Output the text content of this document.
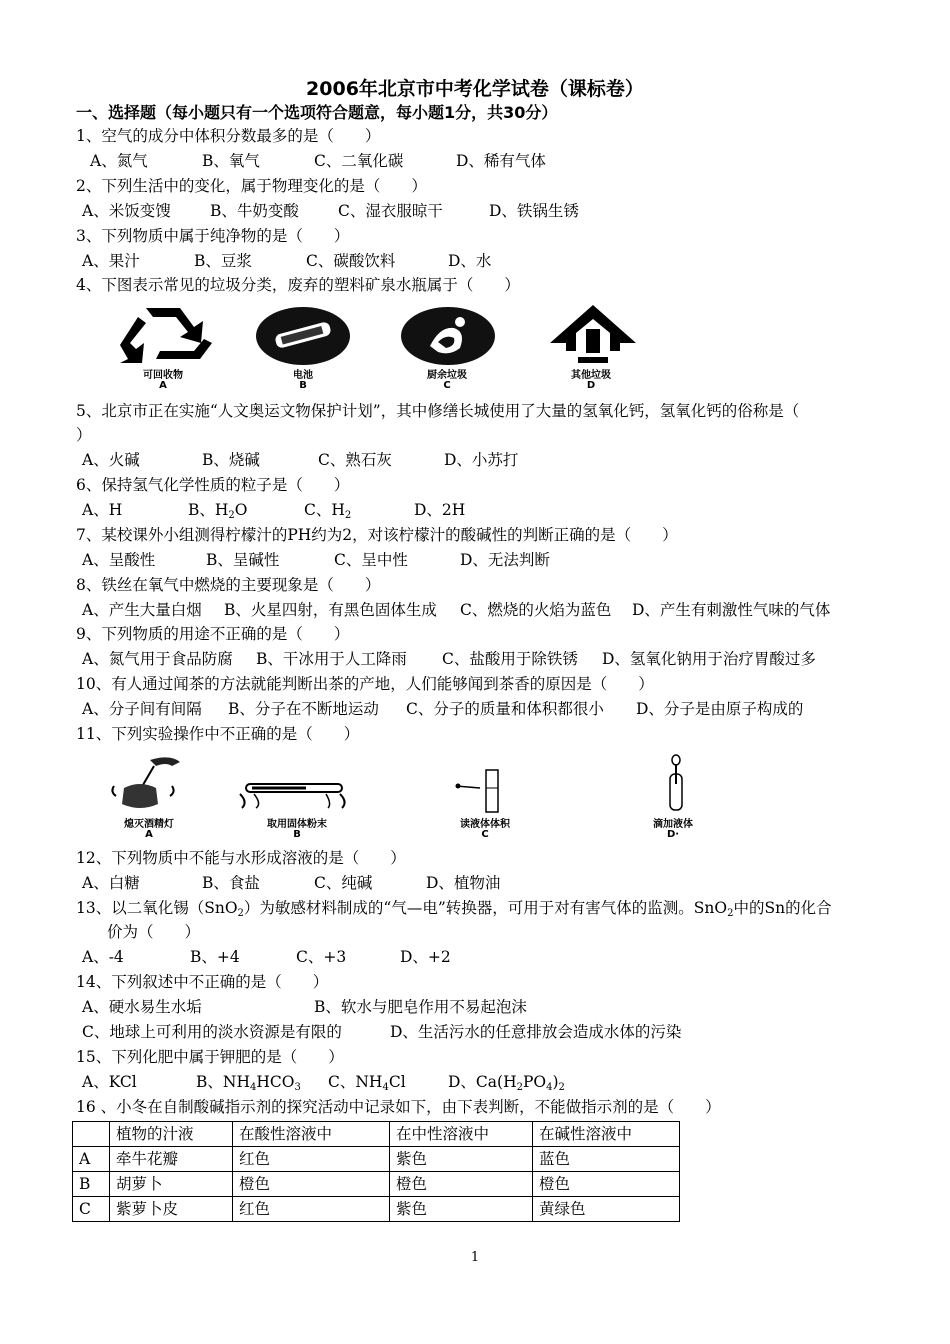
2006年北京市中考化学试卷（课标卷）
一、选择题（每小题只有一个选项符合题意，每小题1分，共30分）
1、空气的成分中体积分数最多的是（　　）
A、氮气	B、氧气	C、二氧化碳	D、稀有气体
2、下列生活中的变化，属于物理变化的是（　　）
A、米饭变馊	B、牛奶变酸	C、湿衣服晾干	D、铁锅生锈
3、下列物质中属于纯净物的是（　　）
A、果汁	B、豆浆	C、碳酸饮料	D、水
4、下图表示常见的垃圾分类，废弃的塑料矿泉水瓶属于（　　）
可回收物
A
电池
B
厨余垃圾
C
其他垃圾
D
5、北京市正在实施“人文奥运文物保护计划”，其中修缮长城使用了大量的氢氧化钙，氢氧化钙的俗称是（
）
A、火碱	B、烧碱	C、熟石灰	D、小苏打
6、保持氢气化学性质的粒子是（　　）
A、H	B、$H_2O$	C、$H_2$	D、2H
7、某校课外小组测得柠檬汁的PH约为2，对该柠檬汁的酸碱性的判断正确的是（　　）
A、呈酸性	B、呈碱性	C、呈中性	D、无法判断
8、铁丝在氧气中燃烧的主要现象是（　　）
A、产生大量白烟 B、火星四射，有黑色固体生成 C、燃烧的火焰为蓝色 D、产生有刺激性气味的气体
9、下列物质的用途不正确的是（　　）
A、氮气用于食品防腐 B、干冰用于人工降雨 C、盐酸用于除铁锈 D、氢氧化钠用于治疗胃酸过多
10、有人通过闻茶的方法就能判断出茶的产地，人们能够闻到茶香的原因是（　　）
A、分子间有间隔 B、分子在不断地运动 C、分子的质量和体积都很小 D、分子是由原子构成的
11、下列实验操作中不正确的是（　　）
熄灭酒精灯
A
取用固体粉末
B
读液体体积
C
滴加液体
D·
12、下列物质中不能与水形成溶液的是（　　）
A、白糖	B、食盐	C、纯碱	D、植物油
13、以二氧化锡（SnO$_2$）为敏感材料制成的“气—电”转换器，可用于对有害气体的监测。SnO$_2$中的Sn的化合
价为（　　）
A、-4	B、+4	C、+3	D、+2
14、下列叙述中不正确的是（　　）
A、硬水易生水垢	B、软水与肥皂作用不易起泡沫
C、地球上可利用的淡水资源是有限的	D、生活污水的任意排放会造成水体的污染
15、下列化肥中属于钾肥的是（　　）
A、KCl	B、$NH_4HCO_3$ C、$NH_4Cl$	D、$Ca(H_2PO_4)_2$
16 、小冬在自制酸碱指示剂的探究活动中记录如下，由下表判断，不能做指示剂的是（　　）
	植物的汁液	在酸性溶液中	在中性溶液中	在碱性溶液中
A	牵牛花瓣	红色	紫色	蓝色
B	胡萝卜	橙色	橙色	橙色
C	紫萝卜皮	红色	紫色	黄绿色
1
